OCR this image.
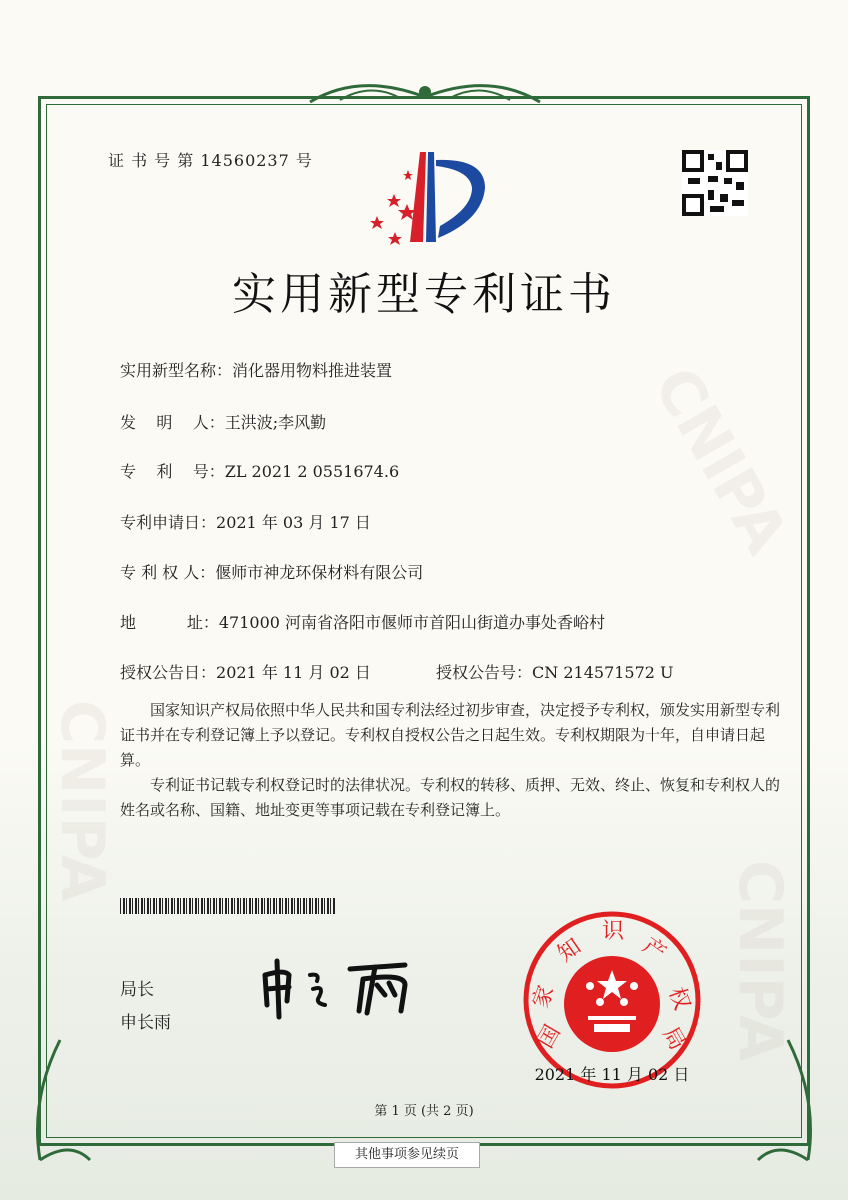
CNIPA
CNIPA
CNIPA
证 书 号 第 14560237 号
实用新型专利证书
实用新型名称：消化器用物料推进装置
发    明    人：王洪波;李风勤
专    利    号：ZL 2021 2 0551674.6
专利申请日：2021 年 03 月 17 日
专 利 权 人：偃师市神龙环保材料有限公司
地          址：471000 河南省洛阳市偃师市首阳山街道办事处香峪村
授权公告日：2021 年 11 月 02 日	授权公告号：CN 214571572 U

国家知识产权局依照中华人民共和国专利法经过初步审查，决定授予专利权，颁发实用新型专利证书并在专利登记簿上予以登记。专利权自授权公告之日起生效。专利权期限为十年，自申请日起算。

专利证书记载专利权登记时的法律状况。专利权的转移、质押、无效、终止、恢复和专利权人的姓名或名称、国籍、地址变更等事项记载在专利登记簿上。

局长
申长雨	国
家
知
识
产
权
局
2021 年 11 月 02 日
第 1 页 (共 2 页)
其他事项参见续页
